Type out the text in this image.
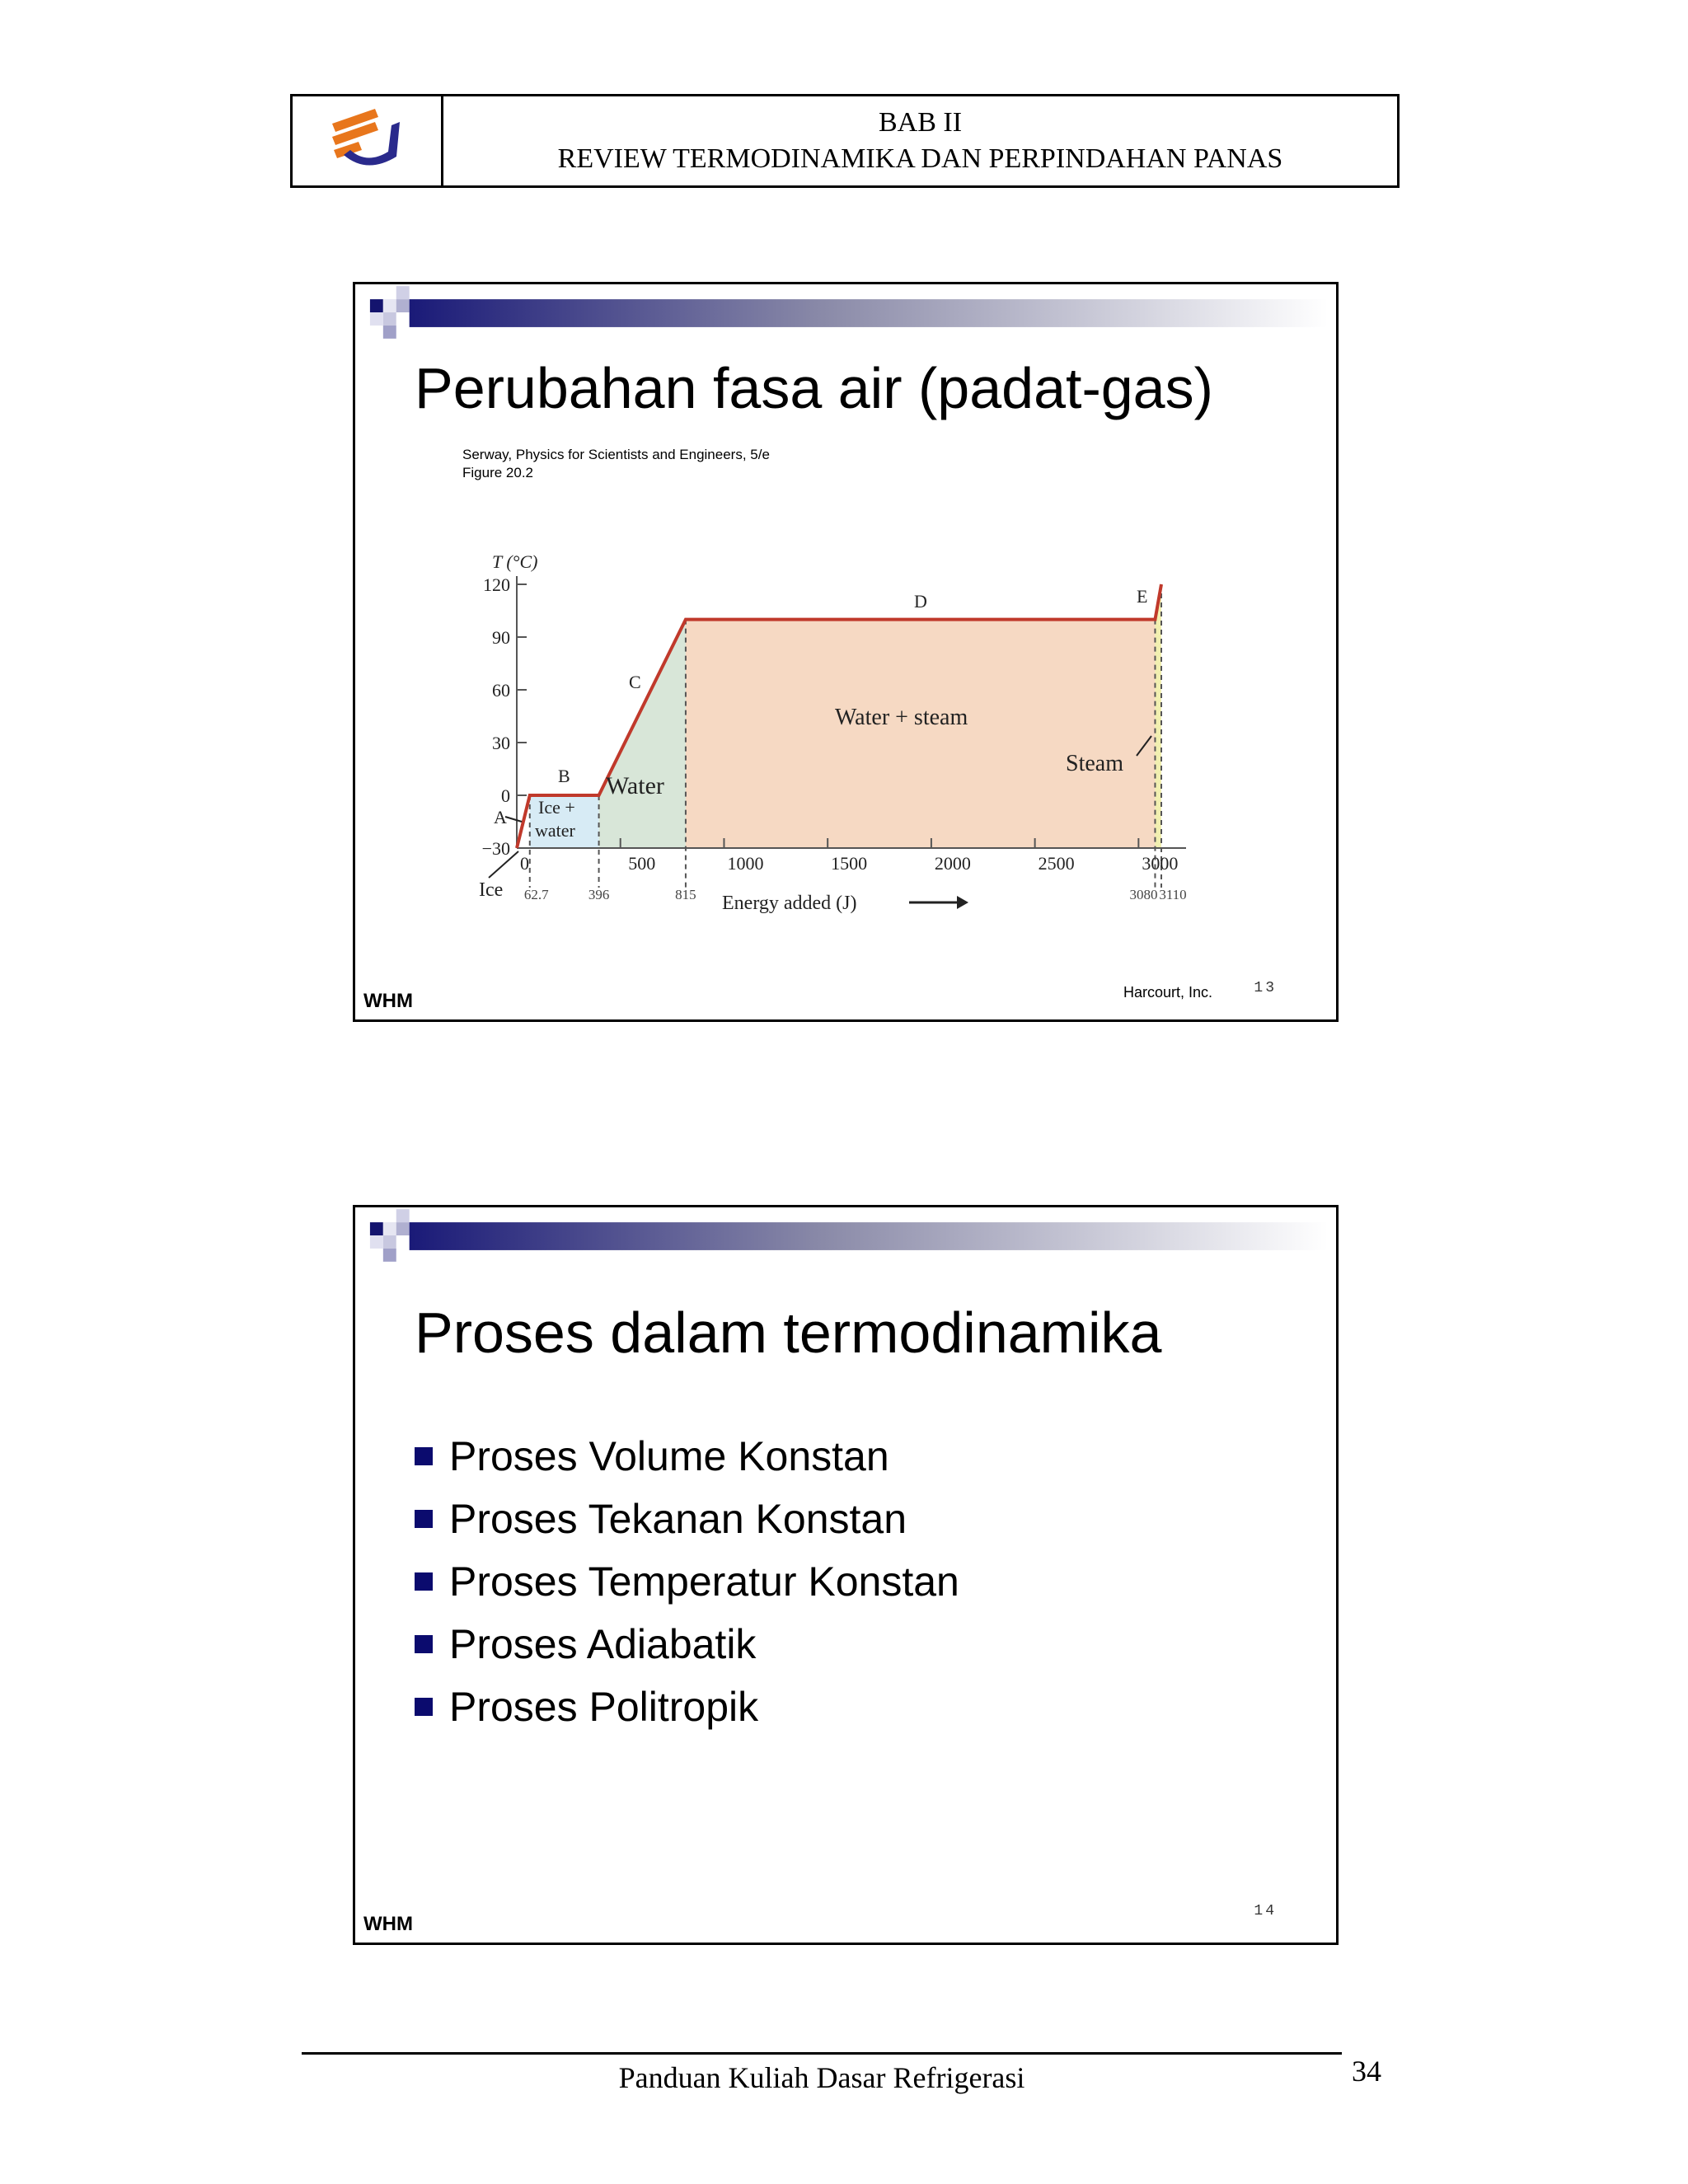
BAB II
REVIEW TERMODINAMIKA DAN PERPINDAHAN PANAS
Perubahan fasa air (padat-gas)
Serway, Physics for Scientists and Engineers, 5/e
Figure 20.2
120
90
60
30
0
−30
500	1000	1500	2000	2500	3000
0
62.7	396	815	3080 3110
T (°C)
Energy added (J)
A
B
C
D	E
Ice
Ice +
water
Water
Water + steam
Steam
Harcourt, Inc.	13
WHM
Proses dalam termodinamika
Proses Volume Konstan
Proses Tekanan Konstan
Proses Temperatur Konstan
Proses Adiabatik
Proses Politropik
14
WHM
Panduan Kuliah Dasar Refrigerasi	34
